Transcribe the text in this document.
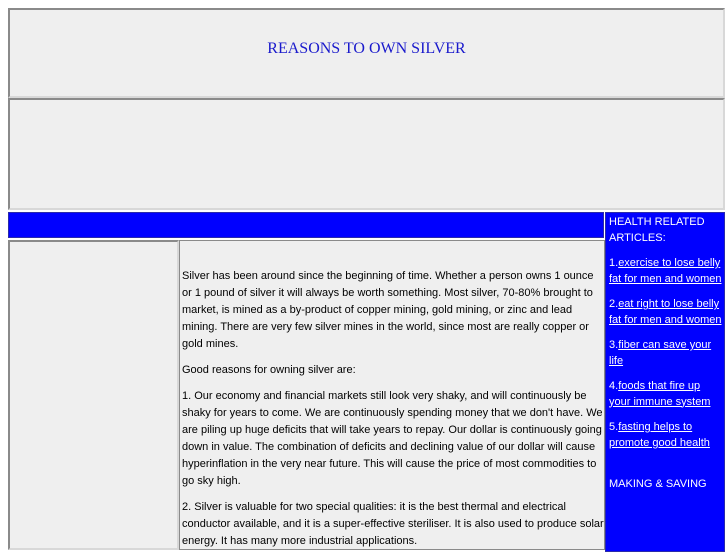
REASONS TO OWN SILVER

Silver has been around since the beginning of time. Whether a person owns 1 ounce or 1 pound of silver it will always be worth something. Most silver, 70-80% brought to market, is mined as a by-product of copper mining, gold mining, or zinc and lead mining. There are very few silver mines in the world, since most are really copper or gold mines.

Good reasons for owning silver are:

1. Our economy and financial markets still look very shaky, and will continuously be shaky for years to come. We are continuously spending money that we don't have. We are piling up huge deficits that will take years to repay. Our dollar is continuously going down in value. The combination of deficits and declining value of our dollar will cause hyperinflation in the very near future. This will cause the price of most commodities to go sky high.

2. Silver is valuable for two special qualities: it is the best thermal and electrical conductor available, and it is a super-effective steriliser. It is also used to produce solar energy. It has many more industrial applications.

HEALTH RELATED ARTICLES:
1.exercise to lose belly fat for men and women
2.eat right to lose belly fat for men and women
3.fiber can save your life
4.foods that fire up your immune system
5.fasting helps to promote good health
MAKING & SAVING
